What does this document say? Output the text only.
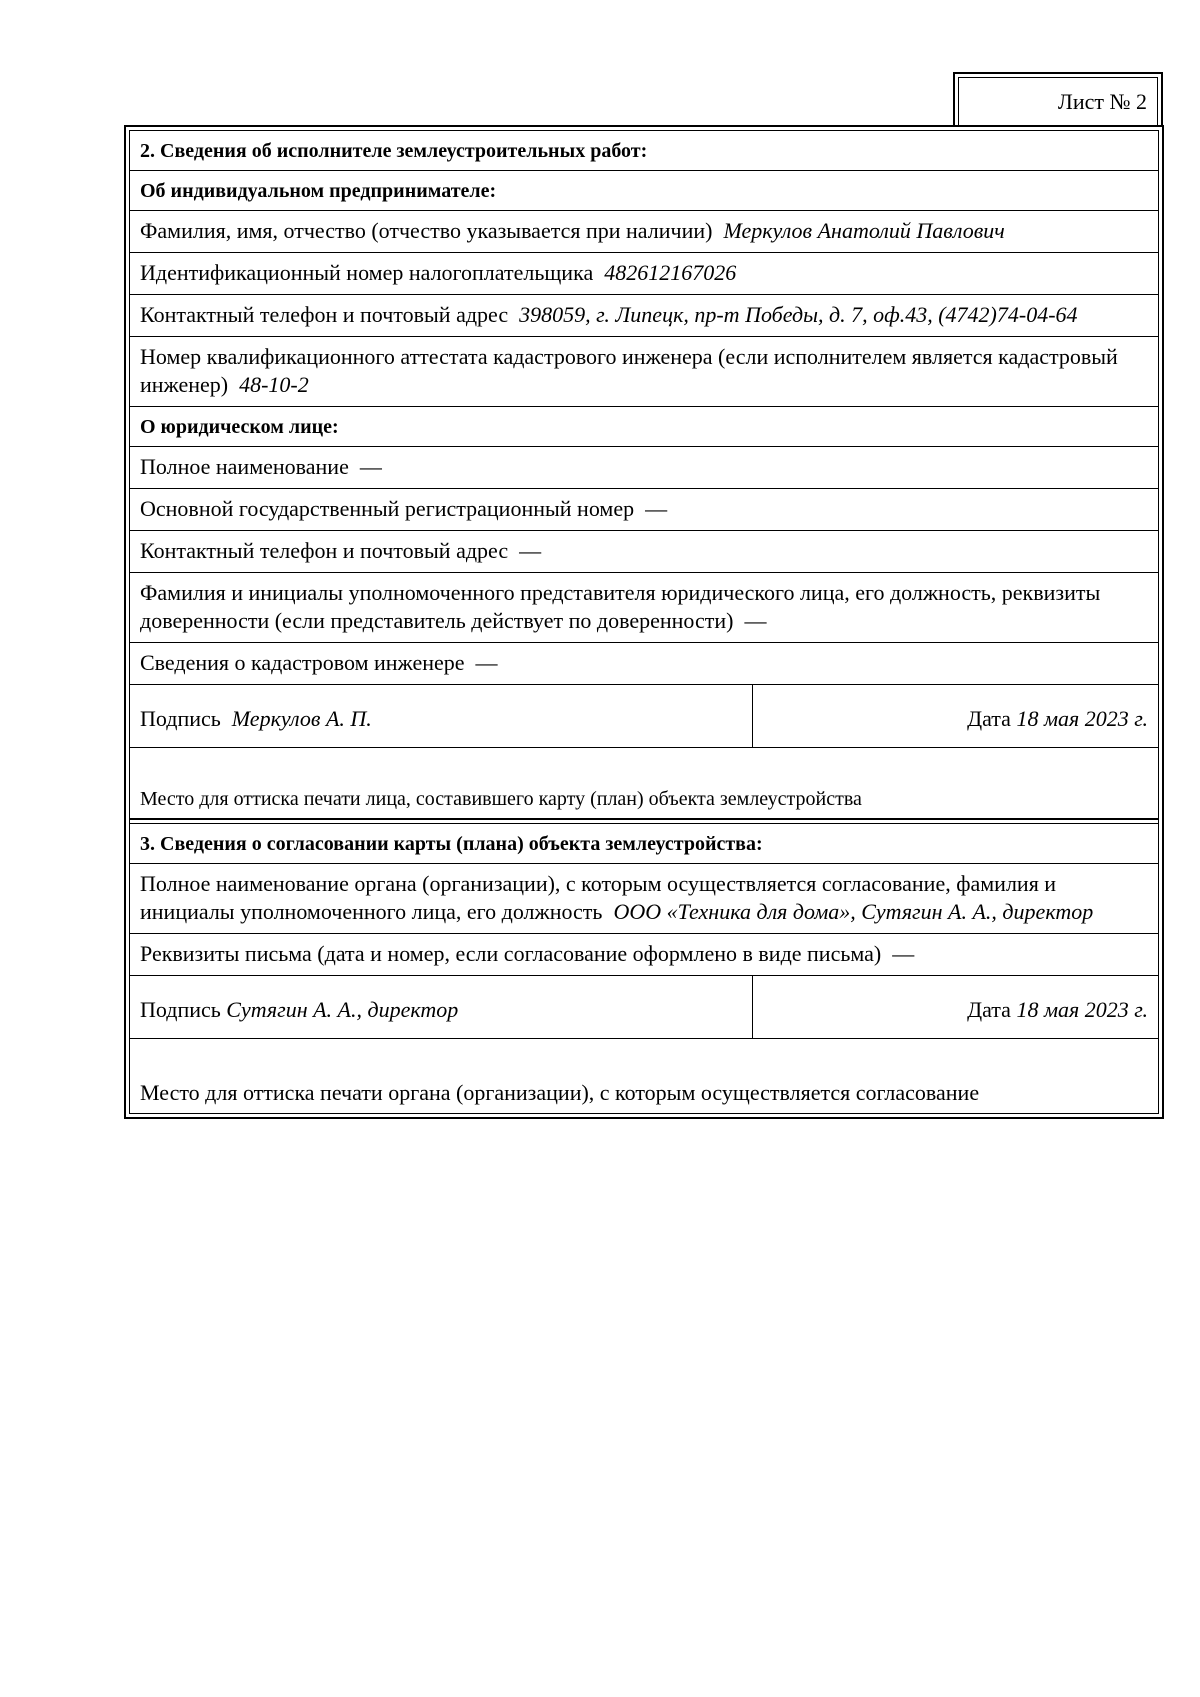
Лист № 2
2. Сведения об исполнителе землеустроительных работ:
Об индивидуальном предпринимателе:
Фамилия, имя, отчество (отчество указывается при наличии) Меркулов Анатолий Павлович
Идентификационный номер налогоплательщика 482612167026
Контактный телефон и почтовый адрес 398059, г. Липецк, пр-т Победы, д. 7, оф.43, (4742)74-04-64
Номер квалификационного аттестата кадастрового инженера (если исполнителем является кадастровый инженер) 48-10-2
О юридическом лице:
Полное наименование —
Основной государственный регистрационный номер —
Контактный телефон и почтовый адрес —
Фамилия и инициалы уполномоченного представителя юридического лица, его должность, реквизиты доверенности (если представитель действует по доверенности) —
Сведения о кадастровом инженере —
Подпись Меркулов А. П.	Дата 18 мая 2023 г.
Место для оттиска печати лица, составившего карту (план) объекта землеустройства
3. Сведения о согласовании карты (плана) объекта землеустройства:
Полное наименование органа (организации), с которым осуществляется согласование, фамилия и инициалы уполномоченного лица, его должность ООО «Техника для дома», Сутягин А. А., директор
Реквизиты письма (дата и номер, если согласование оформлено в виде письма) —
Подпись Сутягин А. А., директор	Дата 18 мая 2023 г.
Место для оттиска печати органа (организации), с которым осуществляется согласование
